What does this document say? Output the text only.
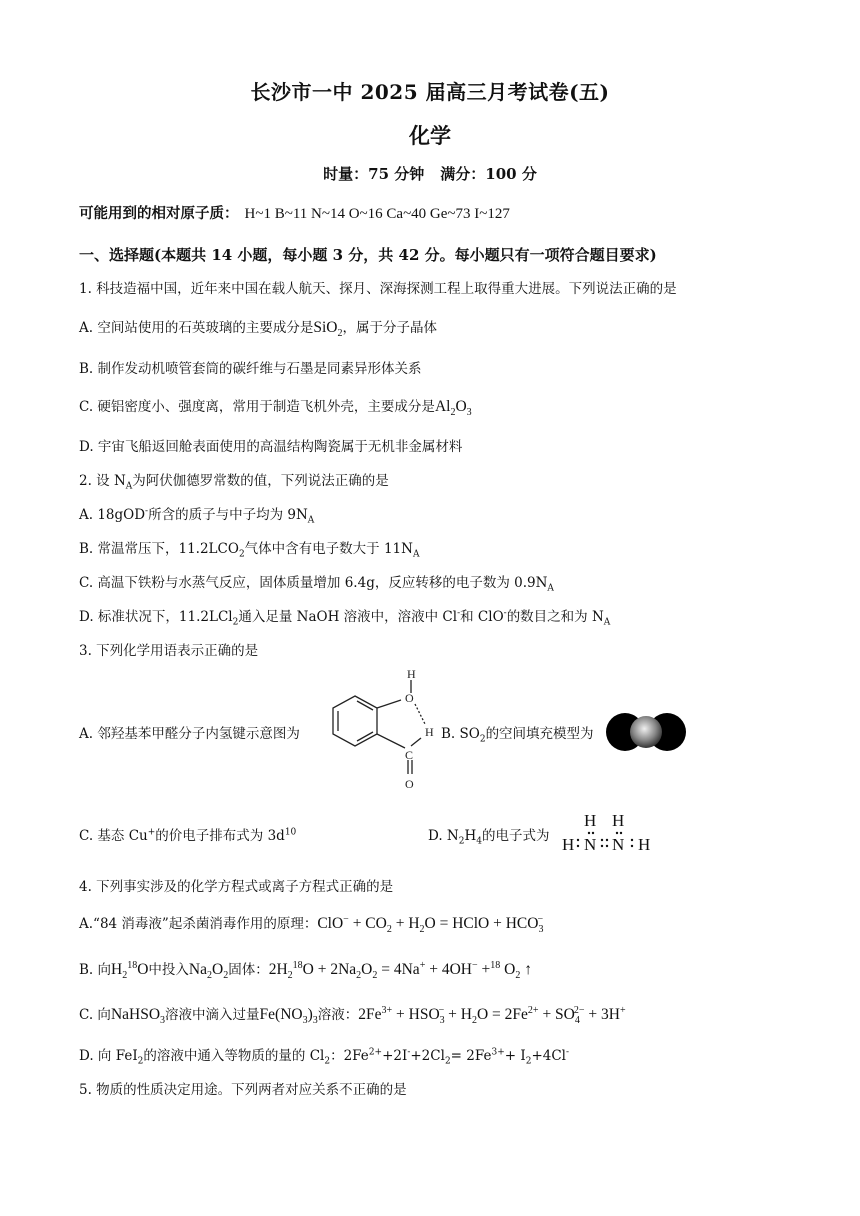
长沙市一中 2025 届高三月考试卷(五)
化学
时量：75 分钟 满分：100 分
可能用到的相对原子质： H~1 B~11 N~14 O~16 Ca~40 Ge~73 I~127
一、选择题(本题共 14 小题，每小题 3 分，共 42 分。每小题只有一项符合题目要求)
1. 科技造福中国，近年来中国在载人航天、探月、深海探测工程上取得重大进展。下列说法正确的是
A. 空间站使用的石英玻璃的主要成分是SiO$_2$，属于分子晶体
B. 制作发动机喷管套筒的碳纤维与石墨是同素异形体关系
C. 硬铝密度小、强度离，常用于制造飞机外壳，主要成分是$Al_2O_3$
D. 宇宙飞船返回舱表面使用的高温结构陶瓷属于无机非金属材料
2. 设 $N_A$为阿伏伽德罗常数的值，下列说法正确的是
A. 18gOD-所含的质子与中子均为 $9N_A$
B. 常温常压下，$11.2LCO_2$气体中含有电子数大于 $11N_A$
C. 高温下铁粉与水蒸气反应，固体质量增加 6.4g，反应转移的电子数为 $0.9N_A$
D. 标准状况下，11.2LCl$_2$通入足量 NaOH 溶液中，溶液中 Cl-和 ClO-的数目之和为 $N_A$
3. 下列化学用语表示正确的是
A. 邻羟基苯甲醛分子内氢键示意图为
H
O
H
C
O
B. $SO_2$的空间填充模型为
C. 基态 Cu+的价电子排布式为 $3d^{10}$	D. $N_2H_4$的电子式为
H H
H N N H
4. 下列事实涉及的化学方程式或离子方程式正确的是
A.“84 消毒液”起杀菌消毒作用的原理：$ClO^- + CO_2 + H_2O$ = HClO + $HCO_3^-$
B. 向$H_2^{18}O$中投入$Na_2O_2$固体：$2H_2^{18}O + 2Na_2O_2 = 4Na^+ + 4OH^- +^{18}$ $O_2$ ↑
C. 向NaHSO$_3$溶液中滴入过量$Fe(NO_3)_3$溶液：$2Fe^{3+} + HSO_3^- + H_2O = 2Fe^{2+} + SO_4^{2-} + 3H^+$
D. 向 FeI$_2$的溶液中通入等物质的量的 $Cl_2$：$2Fe^{2+}+2I^-+2Cl_2= 2Fe^{3+}+ I_2+4Cl^-$
5. 物质的性质决定用途。下列两者对应关系不正确的是
